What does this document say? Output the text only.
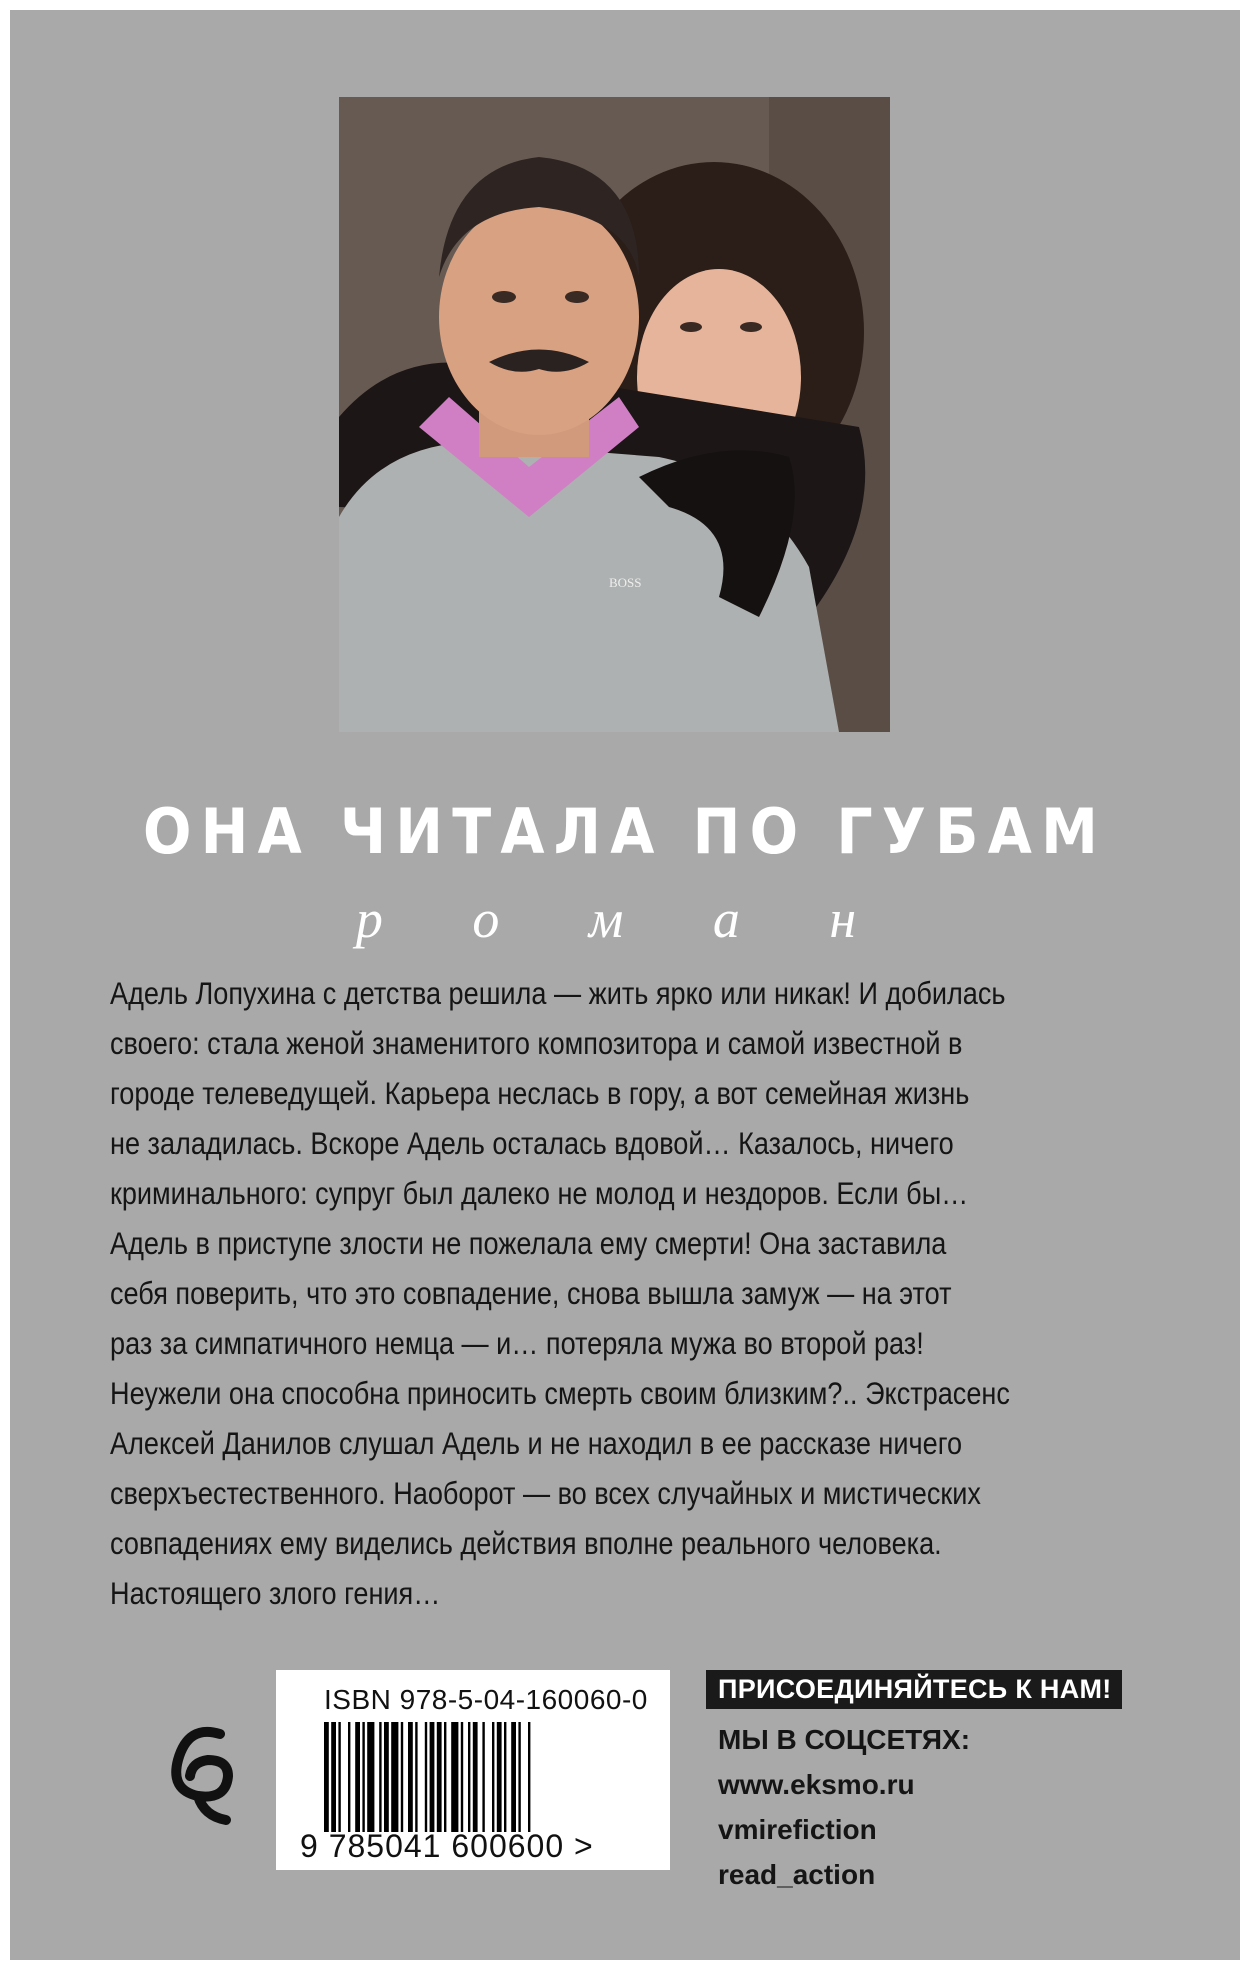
BOSS
ОНА ЧИТАЛА ПО ГУБАМ
р о м а н
Адель Лопухина с детства решила — жить ярко или никак! И добилась
своего: стала женой знаменитого композитора и самой известной в
городе телеведущей. Карьера неслась в гору, а вот семейная жизнь
не заладилась. Вскоре Адель осталась вдовой… Казалось, ничего
криминального: супруг был далеко не молод и нездоров. Если бы…
Адель в приступе злости не пожелала ему смерти! Она заставила
себя поверить, что это совпадение, снова вышла замуж — на этот
раз за симпатичного немца — и… потеряла мужа во второй раз!
Неужели она способна приносить смерть своим близким?.. Экстрасенс
Алексей Данилов слушал Адель и не находил в ее рассказе ничего
сверхъестественного. Наоборот — во всех случайных и мистических
совпадениях ему виделись действия вполне реального человека.
Настоящего злого гения…
ISBN 978-5-04-160060-0
9 785041 600600 >
ПРИСОЕДИНЯЙТЕСЬ К НАМ!
МЫ В СОЦСЕТЯХ:
www.eksmo.ru
vmirefiction
read_action
